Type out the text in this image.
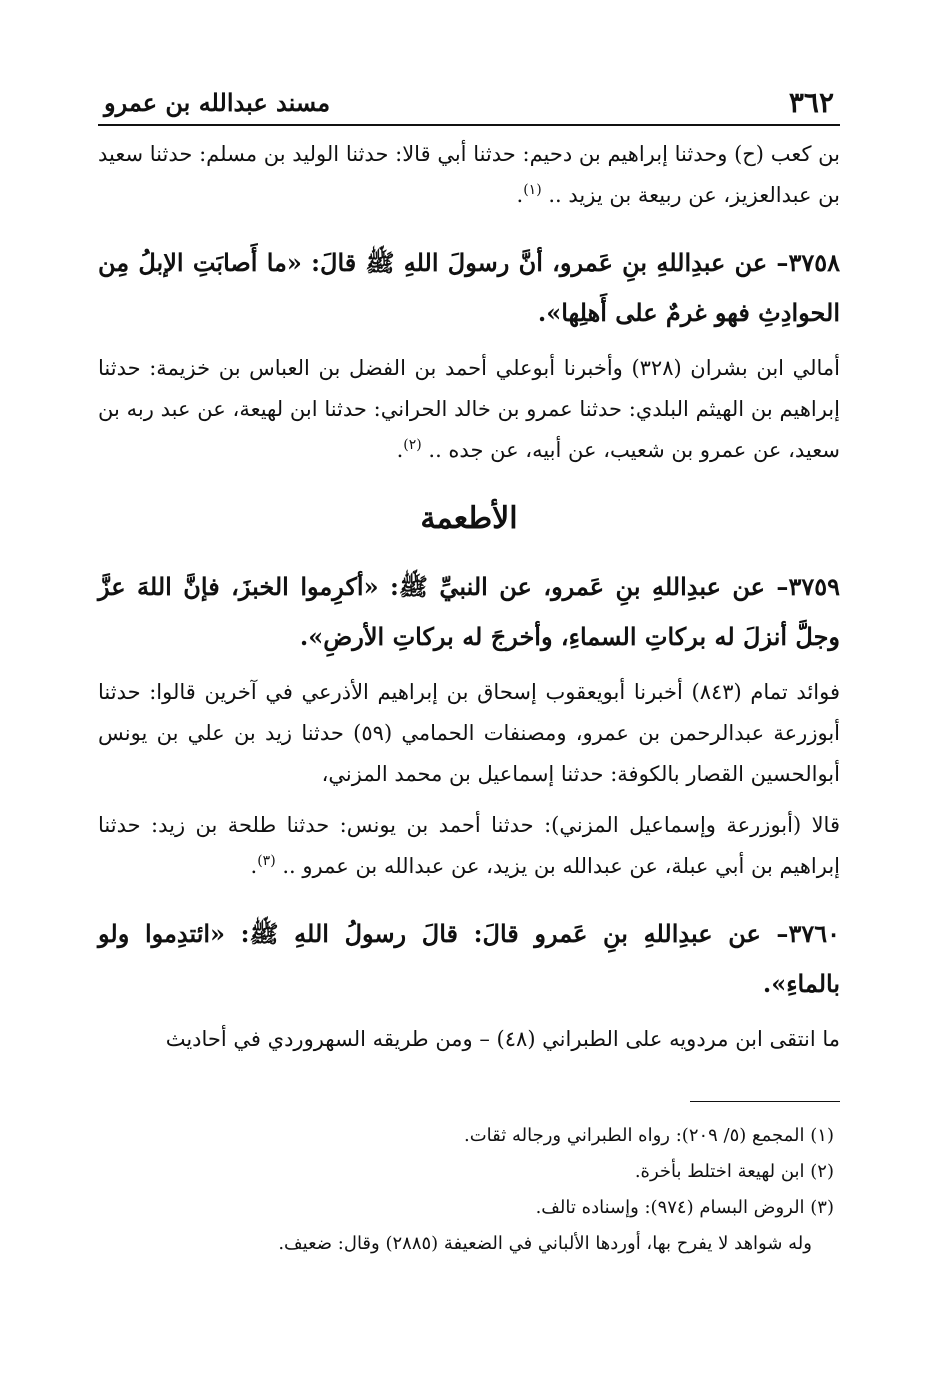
٣٦٢
مسند عبدالله بن عمرو

بن كعب (ح) وحدثنا إبراهيم بن دحيم: حدثنا أبي قالا: حدثنا الوليد بن مسلم: حدثنا سعيد بن عبدالعزيز، عن ربيعة بن يزيد .. $^{(١)}$.

٣٧٥٨– عن عبدِاللهِ بنِ عَمرو، أنَّ رسولَ اللهِ ﷺ قالَ: «ما أَصابَتِ الإبلُ مِن الحوادِثِ فهو غرمٌ على أَهلِها».

أمالي ابن بشران (٣٢٨) وأخبرنا أبوعلي أحمد بن الفضل بن العباس بن خزيمة: حدثنا إبراهيم بن الهيثم البلدي: حدثنا عمرو بن خالد الحراني: حدثنا ابن لهيعة، عن عبد ربه بن سعيد، عن عمرو بن شعيب، عن أبيه، عن جده .. $^{(٢)}$.

الأطعمة

٣٧٥٩– عن عبدِاللهِ بنِ عَمرو، عن النبيِّ ﷺ: «أكرِموا الخبزَ، فإنَّ اللهَ عزَّ وجلَّ أنزلَ له بركاتِ السماءِ، وأخرجَ له بركاتِ الأرضِ».

فوائد تمام (٨٤٣) أخبرنا أبويعقوب إسحاق بن إبراهيم الأذرعي في آخرين قالوا: حدثنا أبوزرعة عبدالرحمن بن عمرو، ومصنفات الحمامي (٥٩) حدثنا زيد بن علي بن يونس أبوالحسين القصار بالكوفة: حدثنا إسماعيل بن محمد المزني،

قالا (أبوزرعة وإسماعيل المزني): حدثنا أحمد بن يونس: حدثنا طلحة بن زيد: حدثنا إبراهيم بن أبي عبلة، عن عبدالله بن يزيد، عن عبدالله بن عمرو .. $^{(٣)}$.

٣٧٦٠– عن عبدِاللهِ بنِ عَمرو قالَ: قالَ رسولُ اللهِ ﷺ: «ائتدِموا ولو بالماءِ».

ما انتقى ابن مردويه على الطبراني (٤٨) – ومن طريقه السهروردي في أحاديث

(١) المجمع (٥/ ٢٠٩): رواه الطبراني ورجاله ثقات.
(٢) ابن لهيعة اختلط بأخرة.
(٣) الروض البسام (٩٧٤): وإسناده تالف.
وله شواهد لا يفرح بها، أوردها الألباني في الضعيفة (٢٨٨٥) وقال: ضعيف.
